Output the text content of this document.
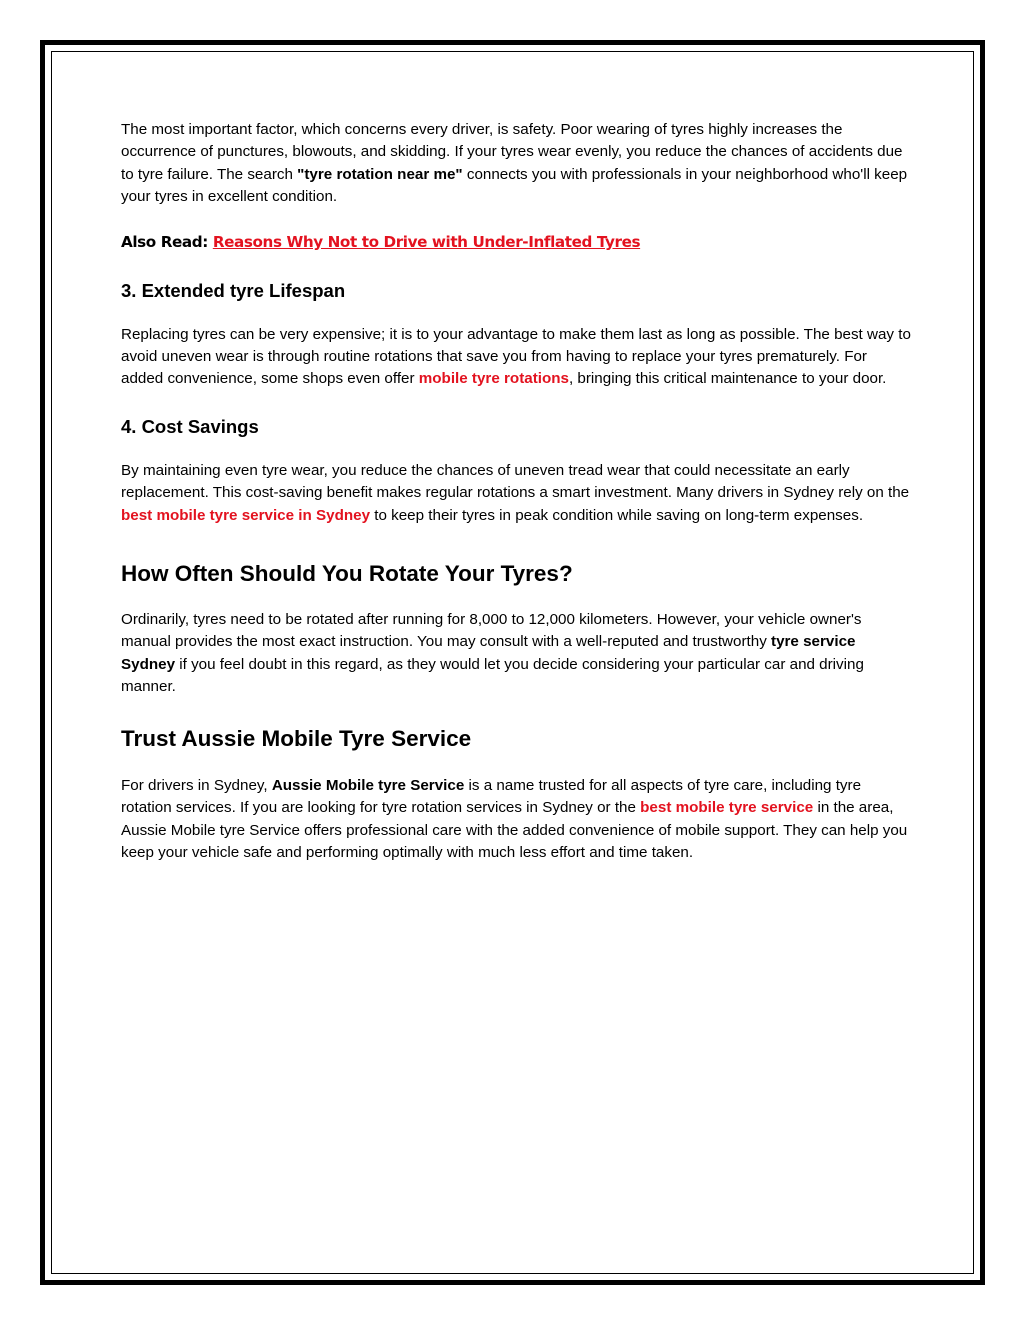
The most important factor, which concerns every driver, is safety. Poor wearing of tyres highly increases the occurrence of punctures, blowouts, and skidding. If your tyres wear evenly, you reduce the chances of accidents due to tyre failure. The search "tyre rotation near me" connects you with professionals in your neighborhood who'll keep your tyres in excellent condition.

Also Read: Reasons Why Not to Drive with Under-Inflated Tyres

3. Extended tyre Lifespan

Replacing tyres can be very expensive; it is to your advantage to make them last as long as possible. The best way to avoid uneven wear is through routine rotations that save you from having to replace your tyres prematurely. For added convenience, some shops even offer mobile tyre rotations, bringing this critical maintenance to your door.

4. Cost Savings

By maintaining even tyre wear, you reduce the chances of uneven tread wear that could necessitate an early replacement. This cost-saving benefit makes regular rotations a smart investment. Many drivers in Sydney rely on the best mobile tyre service in Sydney to keep their tyres in peak condition while saving on long-term expenses.

How Often Should You Rotate Your Tyres?

Ordinarily, tyres need to be rotated after running for 8,000 to 12,000 kilometers. However, your vehicle owner's manual provides the most exact instruction. You may consult with a well-reputed and trustworthy tyre service Sydney if you feel doubt in this regard, as they would let you decide considering your particular car and driving manner.

Trust Aussie Mobile Tyre Service

For drivers in Sydney, Aussie Mobile tyre Service is a name trusted for all aspects of tyre care, including tyre rotation services. If you are looking for tyre rotation services in Sydney or the best mobile tyre service in the area, Aussie Mobile tyre Service offers professional care with the added convenience of mobile support. They can help you keep your vehicle safe and performing optimally with much less effort and time taken.
